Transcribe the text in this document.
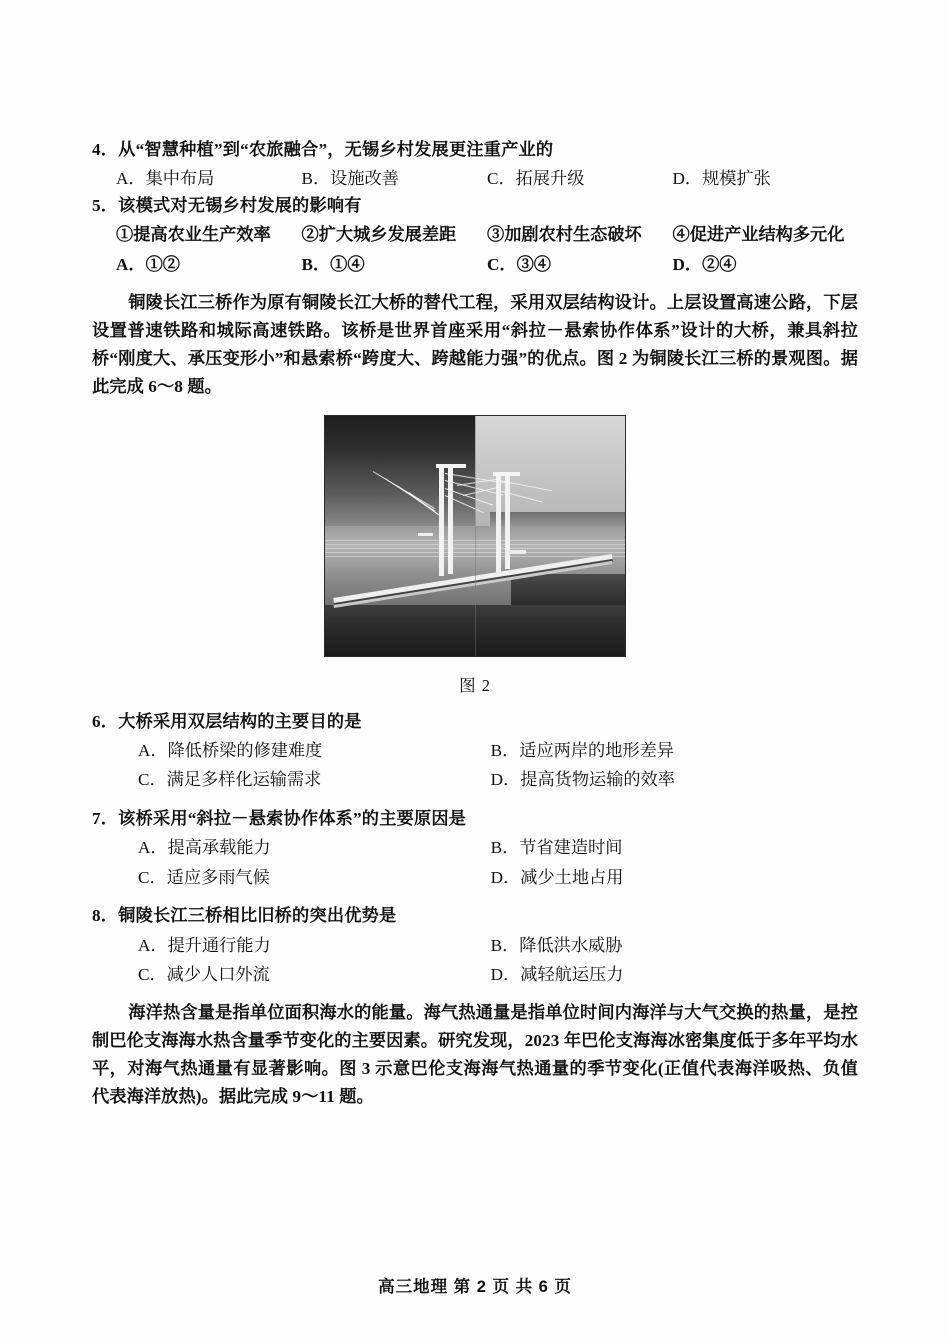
4．从“智慧种植”到“农旅融合”，无锡乡村发展更注重产业的
A．集中布局	B．设施改善	C．拓展升级	D．规模扩张
5．该模式对无锡乡村发展的影响有
①提高农业生产效率	②扩大城乡发展差距	③加剧农村生态破坏	④促进产业结构多元化
A．①②	B．①④	C．③④	D．②④
铜陵长江三桥作为原有铜陵长江大桥的替代工程，采用双层结构设计。上层设置高速公路，下层设置普速铁路和城际高速铁路。该桥是世界首座采用“斜拉－悬索协作体系”设计的大桥，兼具斜拉桥“刚度大、承压变形小”和悬索桥“跨度大、跨越能力强”的优点。图 2 为铜陵长江三桥的景观图。据此完成 6～8 题。
图 2
6．大桥采用双层结构的主要目的是
A．降低桥梁的修建难度	B．适应两岸的地形差异
C．满足多样化运输需求	D．提高货物运输的效率
7．该桥采用“斜拉－悬索协作体系”的主要原因是
A．提高承载能力	B．节省建造时间
C．适应多雨气候	D．减少土地占用
8．铜陵长江三桥相比旧桥的突出优势是
A．提升通行能力	B．降低洪水威胁
C．减少人口外流	D．减轻航运压力
海洋热含量是指单位面积海水的能量。海气热通量是指单位时间内海洋与大气交换的热量，是控制巴伦支海海水热含量季节变化的主要因素。研究发现，2023 年巴伦支海海冰密集度低于多年平均水平，对海气热通量有显著影响。图 3 示意巴伦支海海气热通量的季节变化(正值代表海洋吸热、负值代表海洋放热)。据此完成 9～11 题。
高三地理 第 2 页 共 6 页
